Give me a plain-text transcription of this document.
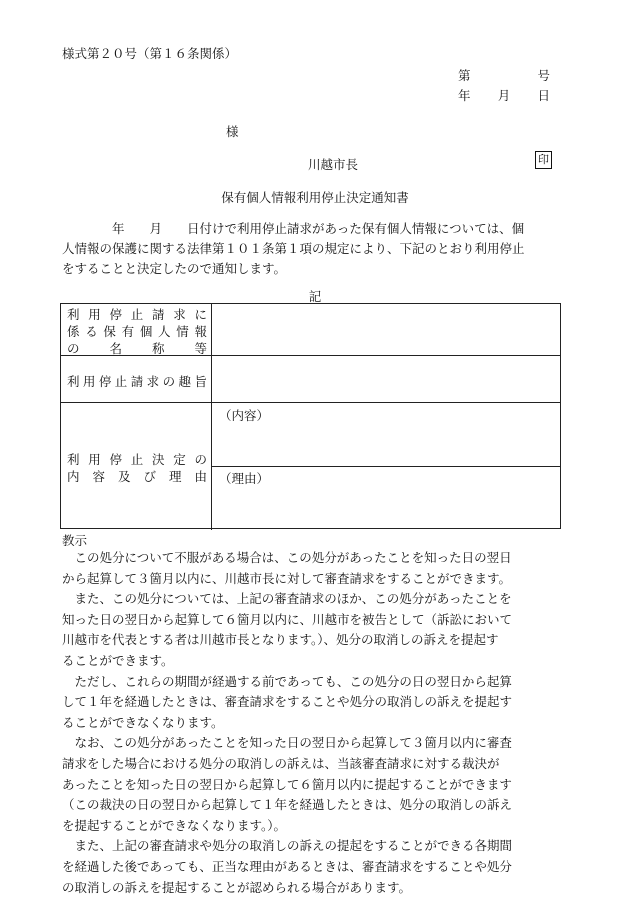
様式第２０号（第１６条関係）
第	号
年 月 日
様
川越市長	印
保有個人情報利用停止決定通知書

　　　　年　　月　　日付けで利用停止請求があった保有個人情報については、個

人情報の保護に関する法律第１０１条第１項の規定により、下記のとおり利用停止

をすることと決定したので通知します。

記
利用停止請求に
係る保有個人情報
の名称等
利用停止請求の趣旨
利用停止決定の
内容及び理由
（内容）
（理由）
教示

　この処分について不服がある場合は、この処分があったことを知った日の翌日

から起算して３箇月以内に、川越市長に対して審査請求をすることができます。

　また、この処分については、上記の審査請求のほか、この処分があったことを

知った日の翌日から起算して６箇月以内に、川越市を被告として（訴訟において

川越市を代表とする者は川越市長となります。）、処分の取消しの訴えを提起す

ることができます。

　ただし、これらの期間が経過する前であっても、この処分の日の翌日から起算

して１年を経過したときは、審査請求をすることや処分の取消しの訴えを提起す

ることができなくなります。

　なお、この処分があったことを知った日の翌日から起算して３箇月以内に審査

請求をした場合における処分の取消しの訴えは、当該審査請求に対する裁決が

あったことを知った日の翌日から起算して６箇月以内に提起することができます

（この裁決の日の翌日から起算して１年を経過したときは、処分の取消しの訴え

を提起することができなくなります。）。

　また、上記の審査請求や処分の取消しの訴えの提起をすることができる各期間

を経過した後であっても、正当な理由があるときは、審査請求をすることや処分

の取消しの訴えを提起することが認められる場合があります。
